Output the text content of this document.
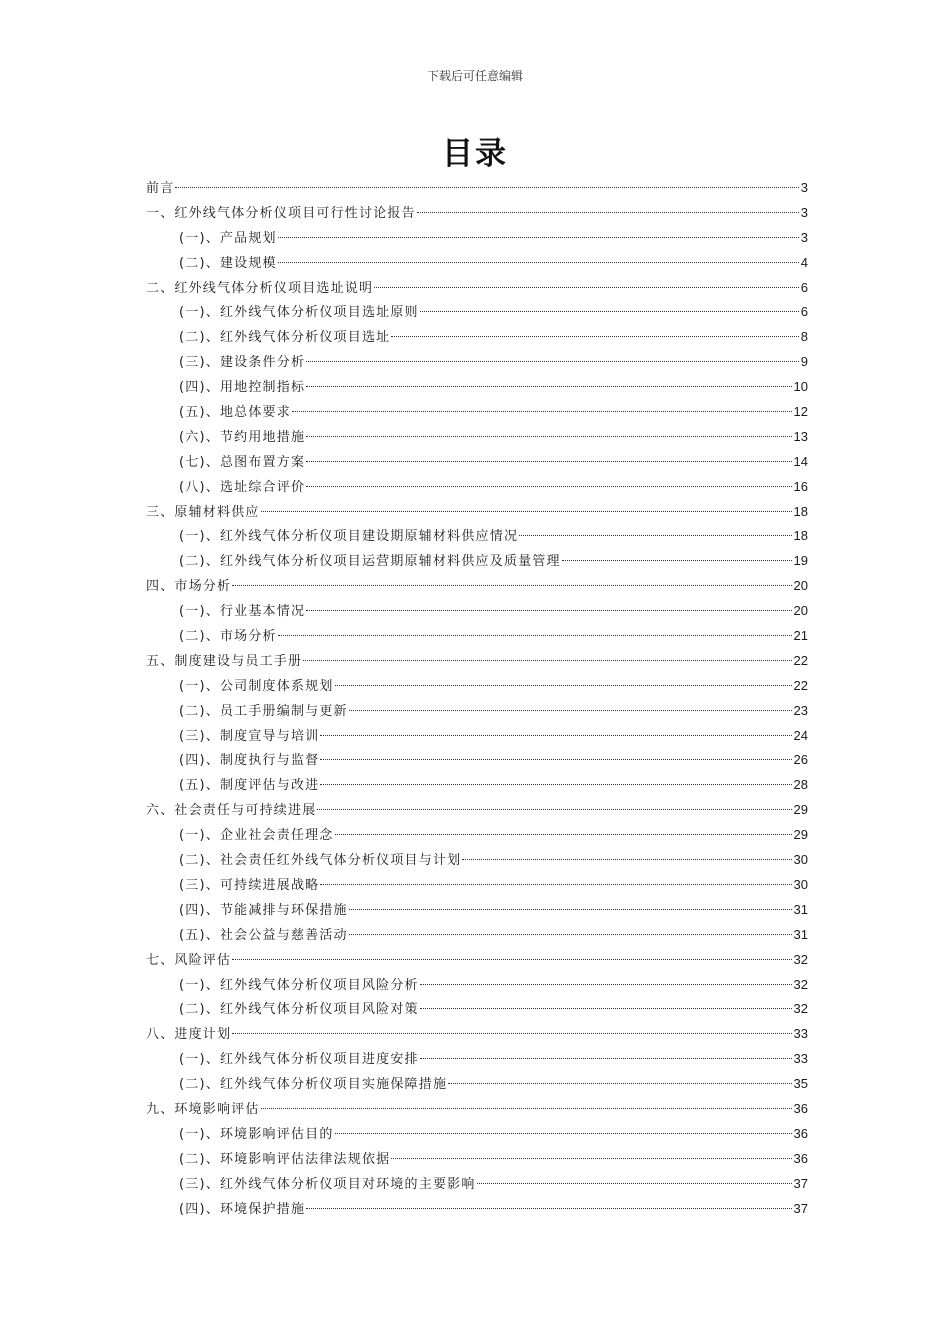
下载后可任意编辑
目录
前言	3
一、红外线气体分析仪项目可行性讨论报告	3
(一)、产品规划	3
(二)、建设规模	4
二、红外线气体分析仪项目选址说明	6
(一)、红外线气体分析仪项目选址原则	6
(二)、红外线气体分析仪项目选址	8
(三)、建设条件分析	9
(四)、用地控制指标	10
(五)、地总体要求	12
(六)、节约用地措施	13
(七)、总图布置方案	14
(八)、选址综合评价	16
三、原辅材料供应	18
(一)、红外线气体分析仪项目建设期原辅材料供应情况	18
(二)、红外线气体分析仪项目运营期原辅材料供应及质量管理	19
四、市场分析	20
(一)、行业基本情况	20
(二)、市场分析	21
五、制度建设与员工手册	22
(一)、公司制度体系规划	22
(二)、员工手册编制与更新	23
(三)、制度宣导与培训	24
(四)、制度执行与监督	26
(五)、制度评估与改进	28
六、社会责任与可持续进展	29
(一)、企业社会责任理念	29
(二)、社会责任红外线气体分析仪项目与计划	30
(三)、可持续进展战略	30
(四)、节能减排与环保措施	31
(五)、社会公益与慈善活动	31
七、风险评估	32
(一)、红外线气体分析仪项目风险分析	32
(二)、红外线气体分析仪项目风险对策	32
八、进度计划	33
(一)、红外线气体分析仪项目进度安排	33
(二)、红外线气体分析仪项目实施保障措施	35
九、环境影响评估	36
(一)、环境影响评估目的	36
(二)、环境影响评估法律法规依据	36
(三)、红外线气体分析仪项目对环境的主要影响	37
(四)、环境保护措施	37
